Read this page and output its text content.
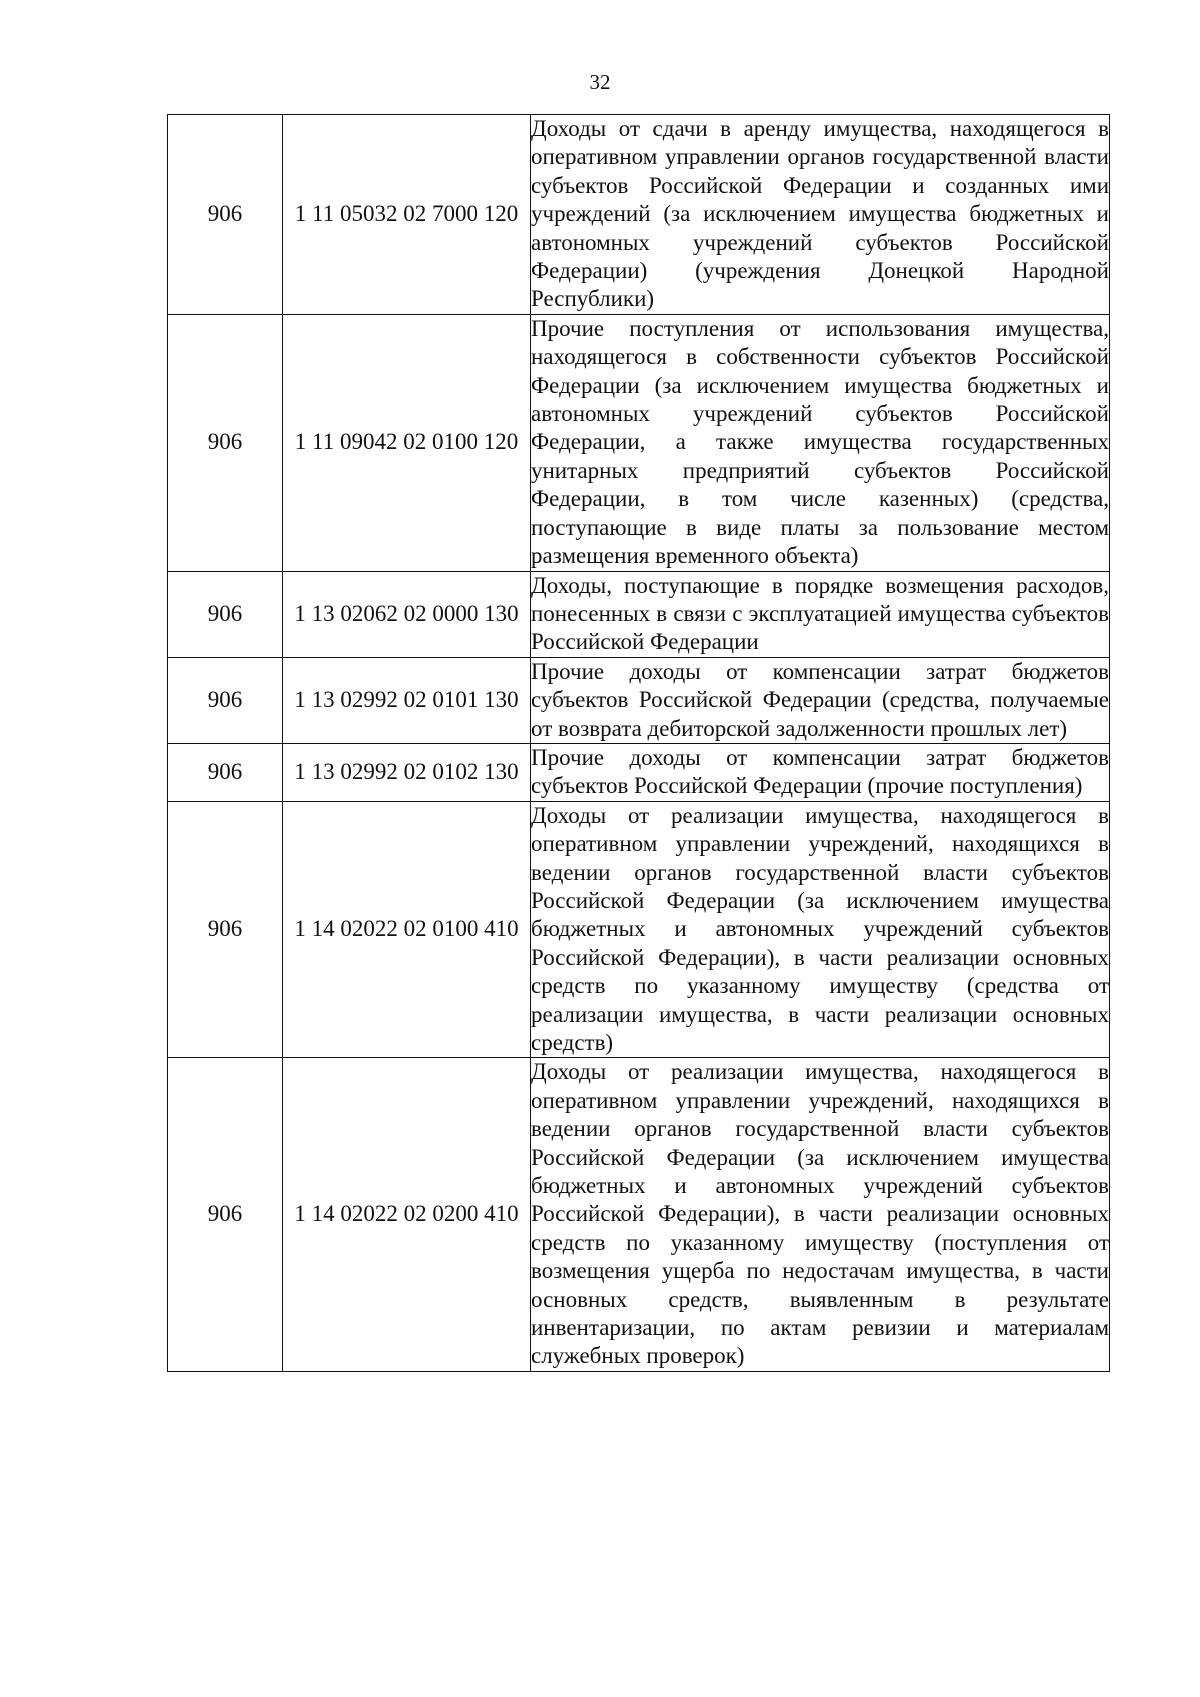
32
906	1 11 05032 02 7000 120	Доходы от сдачи в аренду имущества, находящегося в оперативном управлении органов государственной власти субъектов Российской Федерации и созданных ими учреждений (за исключением имущества бюджетных и автономных учреждений субъектов Российской Федерации) (учреждения Донецкой Народной Республики)
906	1 11 09042 02 0100 120	Прочие поступления от использования имущества, находящегося в собственности субъектов Российской Федерации (за исключением имущества бюджетных и автономных учреждений субъектов Российской Федерации, а также имущества государственных унитарных предприятий субъектов Российской Федерации, в том числе казенных) (средства, поступающие в виде платы за пользование местом размещения временного объекта)
906	1 13 02062 02 0000 130	Доходы, поступающие в порядке возмещения расходов, понесенных в связи с эксплуатацией имущества субъектов Российской Федерации
906	1 13 02992 02 0101 130	Прочие доходы от компенсации затрат бюджетов субъектов Российской Федерации (средства, получаемые от возврата дебиторской задолженности прошлых лет)
906	1 13 02992 02 0102 130	Прочие доходы от компенсации затрат бюджетов субъектов Российской Федерации (прочие поступления)
906	1 14 02022 02 0100 410	Доходы от реализации имущества, находящегося в оперативном управлении учреждений, находящихся в ведении органов государственной власти субъектов Российской Федерации (за исключением имущества бюджетных и автономных учреждений субъектов Российской Федерации), в части реализации основных средств по указанному имуществу (средства от реализации имущества, в части реализации основных средств)
906	1 14 02022 02 0200 410	Доходы от реализации имущества, находящегося в оперативном управлении учреждений, находящихся в ведении органов государственной власти субъектов Российской Федерации (за исключением имущества бюджетных и автономных учреждений субъектов Российской Федерации), в части реализации основных средств по указанному имуществу (поступления от возмещения ущерба по недостачам имущества, в части основных средств, выявленным в результате инвентаризации, по актам ревизии и материалам служебных проверок)
